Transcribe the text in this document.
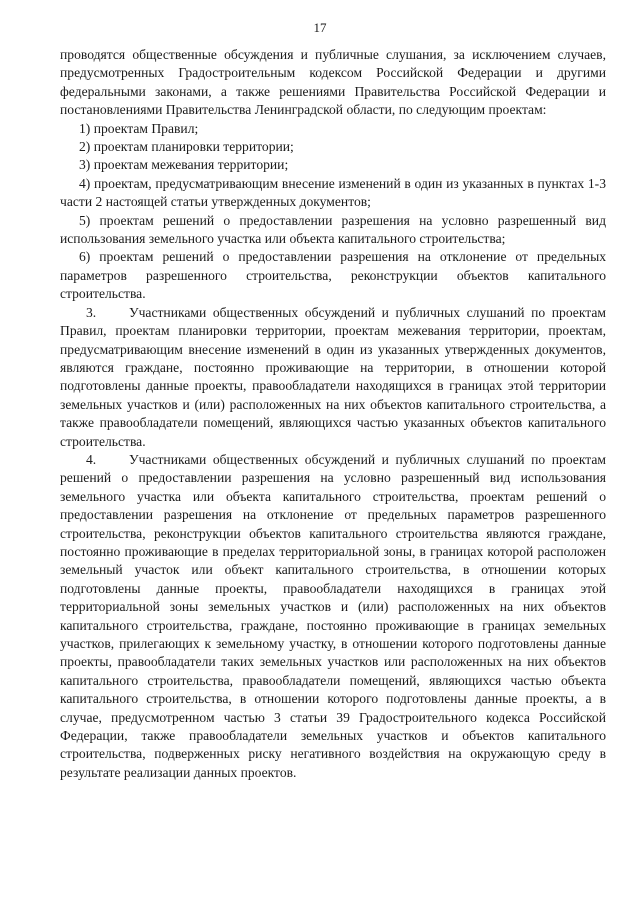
17

проводятся общественные обсуждения и публичные слушания, за исключением случаев, предусмотренных Градостроительным кодексом Российской Федерации и другими федеральными законами, а также решениями Правительства Российской Федерации и постановлениями Правительства Ленинградской области, по следующим проектам:

1) проектам Правил;

2) проектам планировки территории;

3) проектам межевания территории;

4) проектам, предусматривающим внесение изменений в один из указанных в пунктах 1-3 части 2 настоящей статьи утвержденных документов;

5) проектам решений о предоставлении разрешения на условно разрешенный вид использования земельного участка или объекта капитального строительства;

6) проектам решений о предоставлении разрешения на отклонение от предельных параметров разрешенного строительства, реконструкции объектов капитального строительства.

3.     Участниками общественных обсуждений и публичных слушаний по проектам Правил, проектам планировки территории, проектам межевания территории, проектам, предусматривающим внесение изменений в один из указанных утвержденных документов, являются граждане, постоянно проживающие на территории, в отношении которой подготовлены данные проекты, правообладатели находящихся в границах этой территории земельных участков и (или) расположенных на них объектов капитального строительства, а также правообладатели помещений, являющихся частью указанных объектов капитального строительства.

4.     Участниками общественных обсуждений и публичных слушаний по проектам решений о предоставлении разрешения на условно разрешенный вид использования земельного участка или объекта капитального строительства, проектам решений о предоставлении разрешения на отклонение от предельных параметров разрешенного строительства, реконструкции объектов капитального строительства являются граждане, постоянно проживающие в пределах территориальной зоны, в границах которой расположен земельный участок или объект капитального строительства, в отношении которых подготовлены данные проекты, правообладатели находящихся в границах этой территориальной зоны земельных участков и (или) расположенных на них объектов капитального строительства, граждане, постоянно проживающие в границах земельных участков, прилегающих к земельному участку, в отношении которого подготовлены данные проекты, правообладатели таких земельных участков или расположенных на них объектов капитального строительства, правообладатели помещений, являющихся частью объекта капитального строительства, в отношении которого подготовлены данные проекты, а в случае, предусмотренном частью 3 статьи 39 Градостроительного кодекса Российской Федерации, также правообладатели земельных участков и объектов капитального строительства, подверженных риску негативного воздействия на окружающую среду в результате реализации данных проектов.
